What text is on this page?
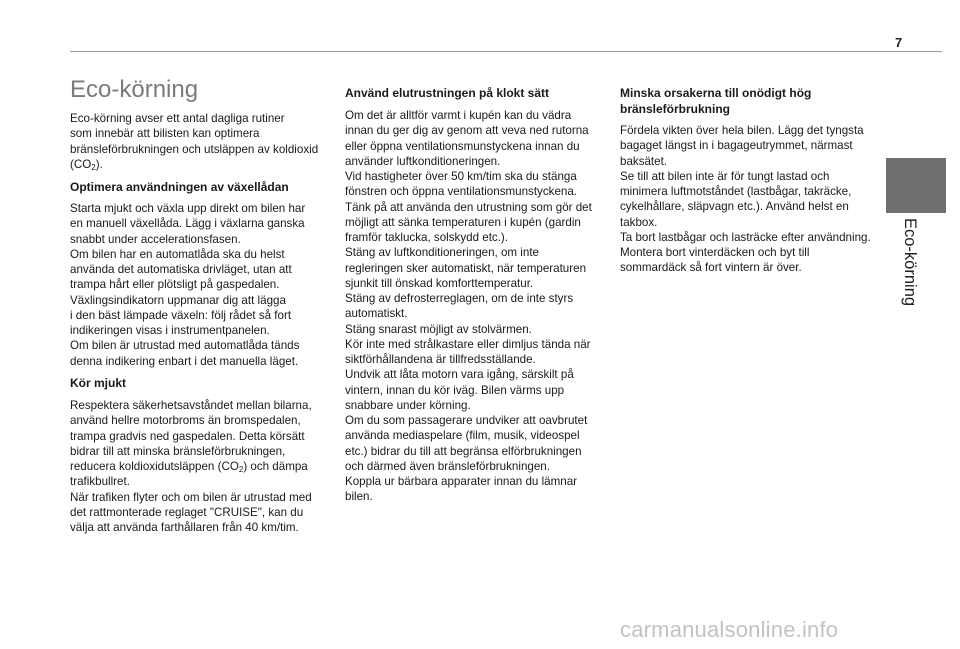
7
Eco-körning
Eco-körning

Eco-körning avser ett antal dagliga rutiner
som innebär att bilisten kan optimera
bränsleförbrukningen och utsläppen av koldioxid
$(CO_2)$.

Optimera användningen av växellådan

Starta mjukt och växla upp direkt om bilen har
en manuell växellåda. Lägg i växlarna ganska
snabbt under accelerationsfasen.
Om bilen har en automatlåda ska du helst
använda det automatiska drivläget, utan att
trampa hårt eller plötsligt på gaspedalen.
Växlingsindikatorn uppmanar dig att lägga
i den bäst lämpade växeln: följ rådet så fort
indikeringen visas i instrumentpanelen.
Om bilen är utrustad med automatlåda tänds
denna indikering enbart i det manuella läget.

Kör mjukt

Respektera säkerhetsavståndet mellan bilarna,
använd hellre motorbroms än bromspedalen,
trampa gradvis ned gaspedalen. Detta körsätt
bidrar till att minska bränsleförbrukningen,
reducera koldioxidutsläppen $(CO_2)$ och dämpa
trafikbullret.
När trafiken flyter och om bilen är utrustad med
det rattmonterade reglaget "CRUISE", kan du
välja att använda farthållaren från 40 km/tim.

Använd elutrustningen på klokt sätt

Om det är alltför varmt i kupén kan du vädra
innan du ger dig av genom att veva ned rutorna
eller öppna ventilationsmunstyckena innan du
använder luftkonditioneringen.
Vid hastigheter över 50 km/tim ska du stänga
fönstren och öppna ventilationsmunstyckena.
Tänk på att använda den utrustning som gör det
möjligt att sänka temperaturen i kupén (gardin
framför taklucka, solskydd etc.).
Stäng av luftkonditioneringen, om inte
regleringen sker automatiskt, när temperaturen
sjunkit till önskad komforttemperatur.
Stäng av defrosterreglagen, om de inte styrs
automatiskt.
Stäng snarast möjligt av stolvärmen.
Kör inte med strålkastare eller dimljus tända när
siktförhållandena är tillfredsställande.
Undvik att låta motorn vara igång, särskilt på
vintern, innan du kör iväg. Bilen värms upp
snabbare under körning.
Om du som passagerare undviker att oavbrutet
använda mediaspelare (film, musik, videospel
etc.) bidrar du till att begränsa elförbrukningen
och därmed även bränsleförbrukningen.
Koppla ur bärbara apparater innan du lämnar
bilen.

Minska orsakerna till onödigt hög
bränsleförbrukning

Fördela vikten över hela bilen. Lägg det tyngsta
bagaget längst in i bagageutrymmet, närmast
baksätet.
Se till att bilen inte är för tungt lastad och
minimera luftmotståndet (lastbågar, takräcke,
cykelhållare, släpvagn etc.). Använd helst en
takbox.
Ta bort lastbågar och lasträcke efter användning.
Montera bort vinterdäcken och byt till
sommardäck så fort vintern är över.

carmanualsonline.info
